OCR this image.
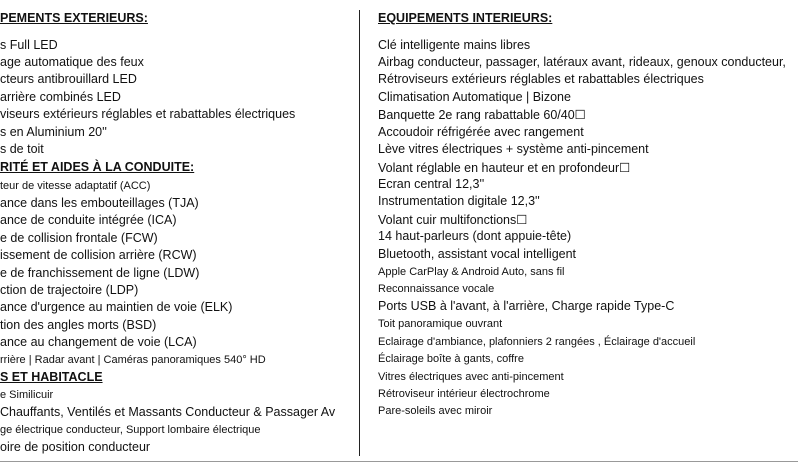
PEMENTS EXTERIEURS:
s Full LED
age automatique des feux
cteurs antibrouillard LED
arrière combinés LED
viseurs extérieurs réglables et rabattables électriques
s en Aluminium 20''
s de toit
RITÉ ET AIDES À LA CONDUITE:
teur de vitesse adaptatif (ACC)
ance dans les embouteillages (TJA)
ance de conduite intégrée (ICA)
e de collision frontale (FCW)
issement de collision arrière (RCW)
e de franchissement de ligne (LDW)
ction de trajectoire (LDP)
ance d'urgence au maintien de voie (ELK)
tion des angles morts (BSD)
ance au changement de voie (LCA)
rrière | Radar avant | Caméras panoramiques 540° HD
S ET HABITACLE
e Similicuir
Chauffants, Ventilés et Massants Conducteur & Passager Av
ge électrique conducteur, Support lombaire électrique
oire de position conducteur
EQUIPEMENTS INTERIEURS:
Clé intelligente mains libres
Airbag conducteur, passager, latéraux avant, rideaux, genoux conducteur,
Rétroviseurs extérieurs réglables et rabattables électriques
Climatisation Automatique | Bizone
Banquette 2e rang rabattable 60/40☐
Accoudoir réfrigérée avec rangement
Lève vitres électriques + système anti-pincement
Volant réglable en hauteur et en profondeur☐
Ecran central 12,3''
Instrumentation digitale 12,3''
Volant cuir multifonctions☐
14 haut-parleurs (dont appuie-tête)
Bluetooth, assistant vocal intelligent
Apple CarPlay & Android Auto, sans fil
Reconnaissance vocale
Ports USB à l'avant, à l'arrière, Charge rapide Type-C
Toit panoramique ouvrant
Eclairage d'ambiance, plafonniers 2 rangées , Éclairage d'accueil
Éclairage boîte à gants, coffre
Vitres électriques avec anti-pincement
Rétroviseur intérieur électrochrome
Pare-soleils avec miroir
